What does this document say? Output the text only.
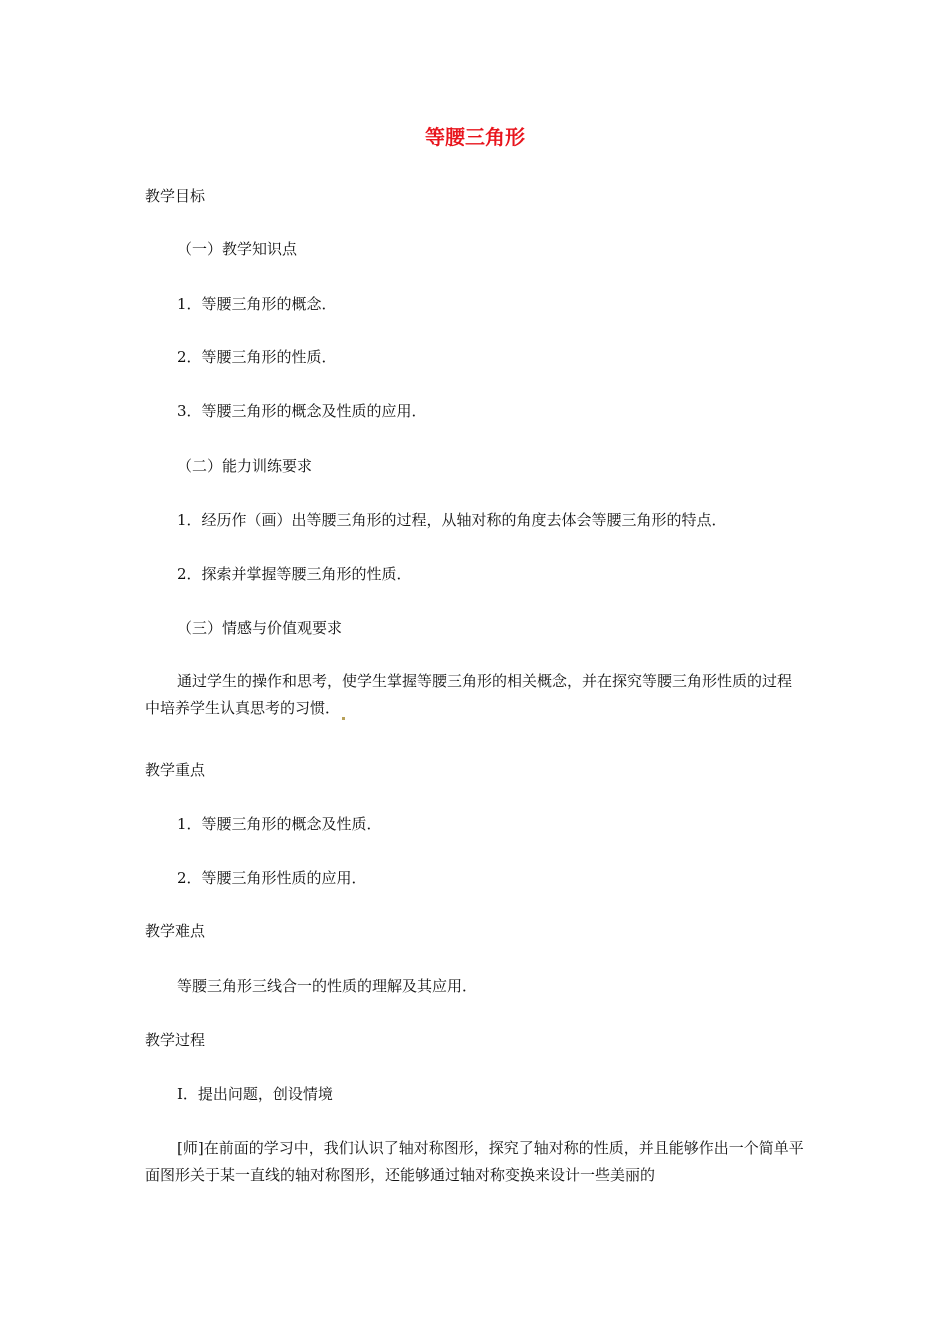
等腰三角形
教学目标
（一）教学知识点
1．等腰三角形的概念．
2．等腰三角形的性质．
3．等腰三角形的概念及性质的应用．
（二）能力训练要求
1．经历作（画）出等腰三角形的过程，从轴对称的角度去体会等腰三角形的特点．
2．探索并掌握等腰三角形的性质．
（三）情感与价值观要求
通过学生的操作和思考，使学生掌握等腰三角形的相关概念，并在探究等腰三角形性质的过程中培养学生认真思考的习惯．
教学重点
1．等腰三角形的概念及性质．
2．等腰三角形性质的应用．
教学难点
等腰三角形三线合一的性质的理解及其应用．
教学过程
Ⅰ．提出问题，创设情境
[师]在前面的学习中，我们认识了轴对称图形，探究了轴对称的性质，并且能够作出一个简单平面图形关于某一直线的轴对称图形，还能够通过轴对称变换来设计一些美丽的
